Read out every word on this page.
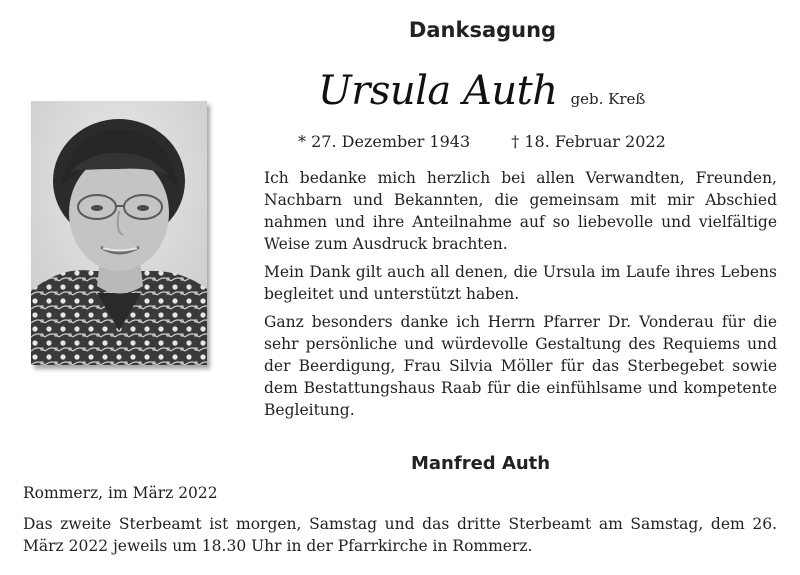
Danksagung
Ursula Auth geb. Kreß
* 27. Dezember 1943	† 18. Februar 2022

Ich bedanke mich herzlich bei allen Verwandten, Freunden, Nachbarn und Bekannten, die gemeinsam mit mir Abschied nahmen und ihre Anteilnahme auf so liebevolle und vielfältige Weise zum Ausdruck brachten.

Mein Dank gilt auch all denen, die Ursula im Laufe ihres Lebens begleitet und unterstützt haben.

Ganz besonders danke ich Herrn Pfarrer Dr. Vonderau für die sehr persönliche und würdevolle Gestaltung des Requiems und der Beerdigung, Frau Silvia Möller für das Sterbegebet sowie dem Bestattungshaus Raab für die einfühlsame und kompetente Begleitung.

Manfred Auth
Rommerz, im März 2022
Das zweite Sterbeamt ist morgen, Samstag und das dritte Sterbeamt am Samstag, dem 26. März 2022 jeweils um 18.30 Uhr in der Pfarrkirche in Rommerz.
